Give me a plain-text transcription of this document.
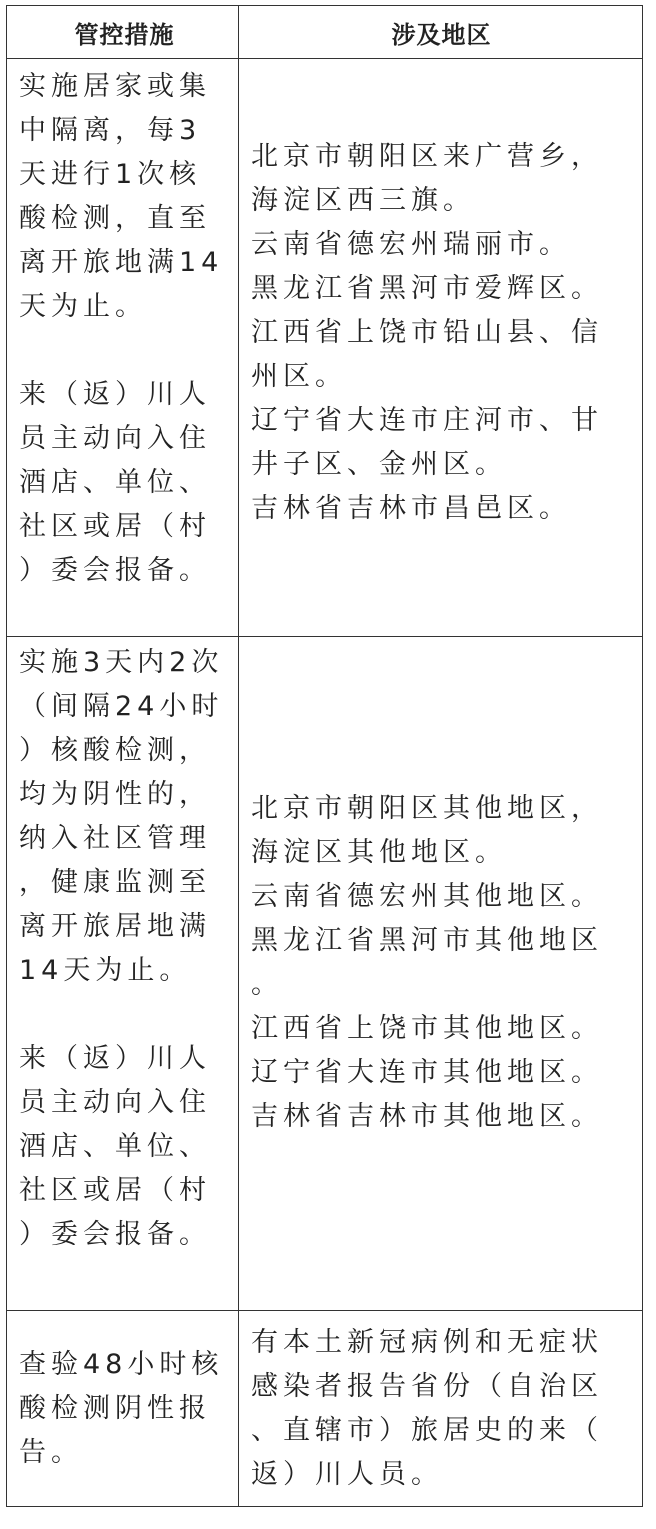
管控措施	涉及地区

实施居家或集
中隔离，每3
天进行1次核
酸检测，直至
离开旅地满14
天为止。

来（返）川人
员主动向入住
酒店、单位、
社区或居（村
）委会报备。

北京市朝阳区来广营乡，
海淀区西三旗。

云南省德宏州瑞丽市。

黑龙江省黑河市爱辉区。

江西省上饶市铅山县、信
州区。

辽宁省大连市庄河市、甘
井子区、金州区。

吉林省吉林市昌邑区。

实施3天内2次
（间隔24小时
）核酸检测，
均为阴性的，
纳入社区管理
，健康监测至
离开旅居地满
14天为止。

来（返）川人
员主动向入住
酒店、单位、
社区或居（村
）委会报备。

北京市朝阳区其他地区，
海淀区其他地区。

云南省德宏州其他地区。

黑龙江省黑河市其他地区
。

江西省上饶市其他地区。

辽宁省大连市其他地区。

吉林省吉林市其他地区。

查验48小时核
酸检测阴性报
告。

有本土新冠病例和无症状
感染者报告省份（自治区
、直辖市）旅居史的来（
返）川人员。
